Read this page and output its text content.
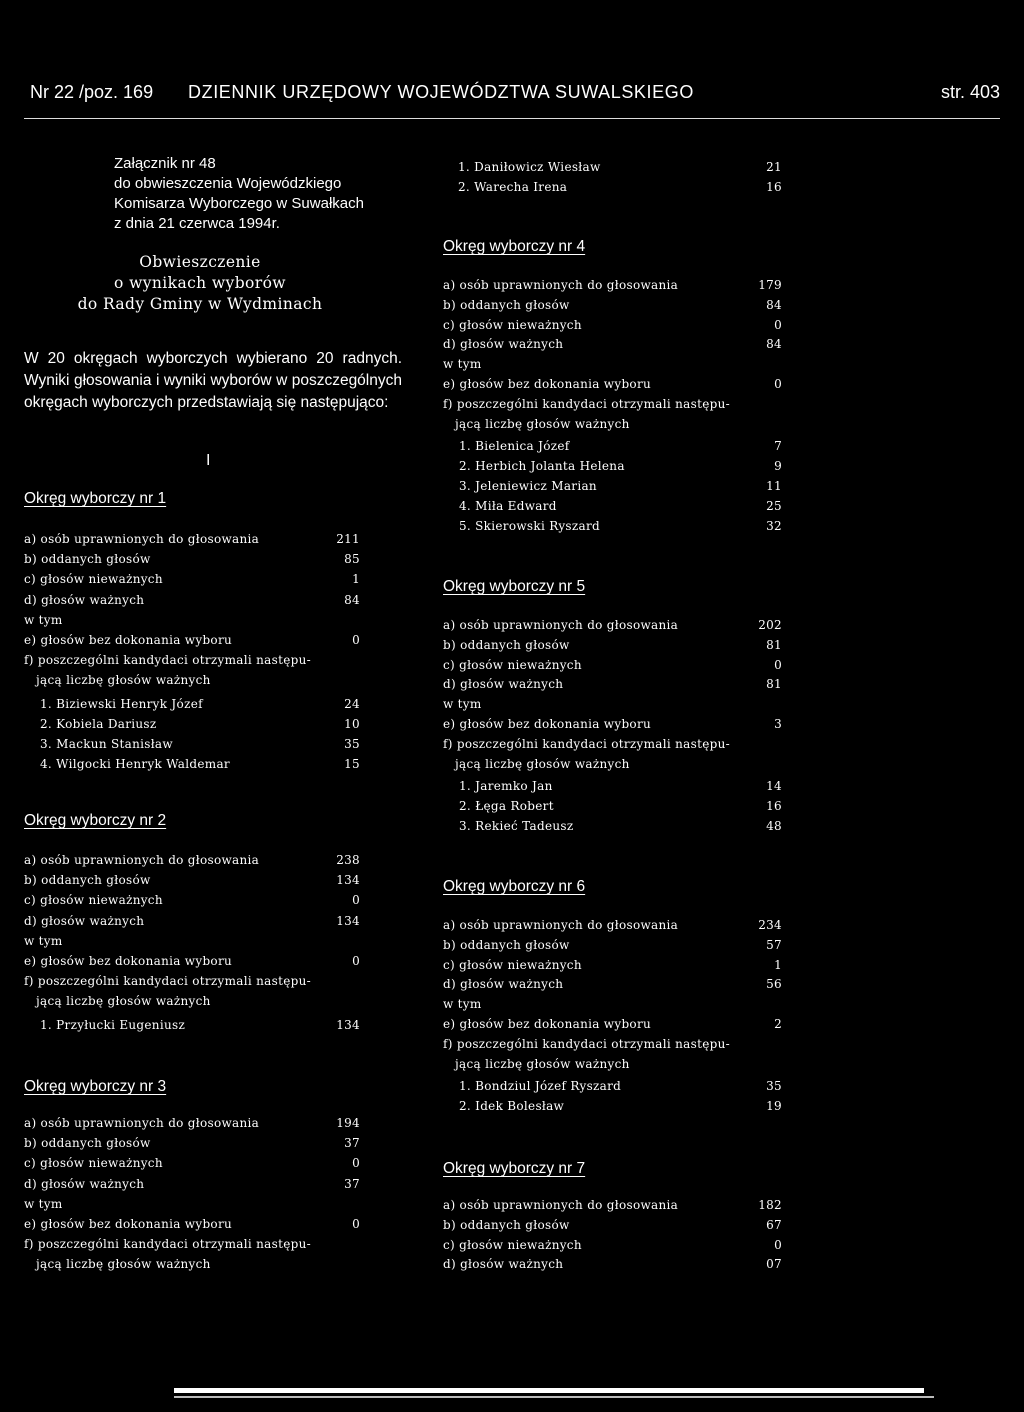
Nr 22 /poz. 169 DZIENNIK URZĘDOWY WOJEWÓDZTWA SUWALSKIEGO	str. 403
Załącznik nr 48
do obwieszczenia Wojewódzkiego
Komisarza Wyborczego w Suwałkach
z dnia 21 czerwca 1994r.
Obwieszczenie
o wynikach wyborów
do Rady Gminy w Wydminach
W 20 okręgach wyborczych wybierano 20 radnych. Wyniki głosowania i wyniki wyborów w poszczególnych okręgach wyborczych przedstawiają się następująco:
I
Okręg wyborczy nr 1
a) osób uprawnionych do głosowania	211
b) oddanych głosów	85
c) głosów nieważnych	1
d) głosów ważnych	84
w tym
e) głosów bez dokonania wyboru	0
f) poszczególni kandydaci otrzymali następu-
jącą liczbę głosów ważnych
1. Biziewski Henryk Józef	24
2. Kobiela Dariusz	10
3. Mackun Stanisław	35
4. Wilgocki Henryk Waldemar	15
Okręg wyborczy nr 2
a) osób uprawnionych do głosowania	238
b) oddanych głosów	134
c) głosów nieważnych	0
d) głosów ważnych	134
w tym
e) głosów bez dokonania wyboru	0
f) poszczególni kandydaci otrzymali następu-
jącą liczbę głosów ważnych
1. Przyłucki Eugeniusz	134
Okręg wyborczy nr 3
a) osób uprawnionych do głosowania	194
b) oddanych głosów	37
c) głosów nieważnych	0
d) głosów ważnych	37
w tym
e) głosów bez dokonania wyboru	0
f) poszczególni kandydaci otrzymali następu-
jącą liczbę głosów ważnych
1. Daniłowicz Wiesław	21
2. Warecha Irena	16
Okręg wyborczy nr 4
a) osób uprawnionych do głosowania	179
b) oddanych głosów	84
c) głosów nieważnych	0
d) głosów ważnych	84
w tym
e) głosów bez dokonania wyboru	0
f) poszczególni kandydaci otrzymali następu-
jącą liczbę głosów ważnych
1. Bielenica Józef	7
2. Herbich Jolanta Helena	9
3. Jeleniewicz Marian	11
4. Miła Edward	25
5. Skierowski Ryszard	32
Okręg wyborczy nr 5
a) osób uprawnionych do głosowania	202
b) oddanych głosów	81
c) głosów nieważnych	0
d) głosów ważnych	81
w tym
e) głosów bez dokonania wyboru	3
f) poszczególni kandydaci otrzymali następu-
jącą liczbę głosów ważnych
1. Jaremko Jan	14
2. Łęga Robert	16
3. Rekieć Tadeusz	48
Okręg wyborczy nr 6
a) osób uprawnionych do głosowania	234
b) oddanych głosów	57
c) głosów nieważnych	1
d) głosów ważnych	56
w tym
e) głosów bez dokonania wyboru	2
f) poszczególni kandydaci otrzymali następu-
jącą liczbę głosów ważnych
1. Bondziul Józef Ryszard	35
2. Idek Bolesław	19
Okręg wyborczy nr 7
a) osób uprawnionych do głosowania	182
b) oddanych głosów	67
c) głosów nieważnych	0
d) głosów ważnych	07
